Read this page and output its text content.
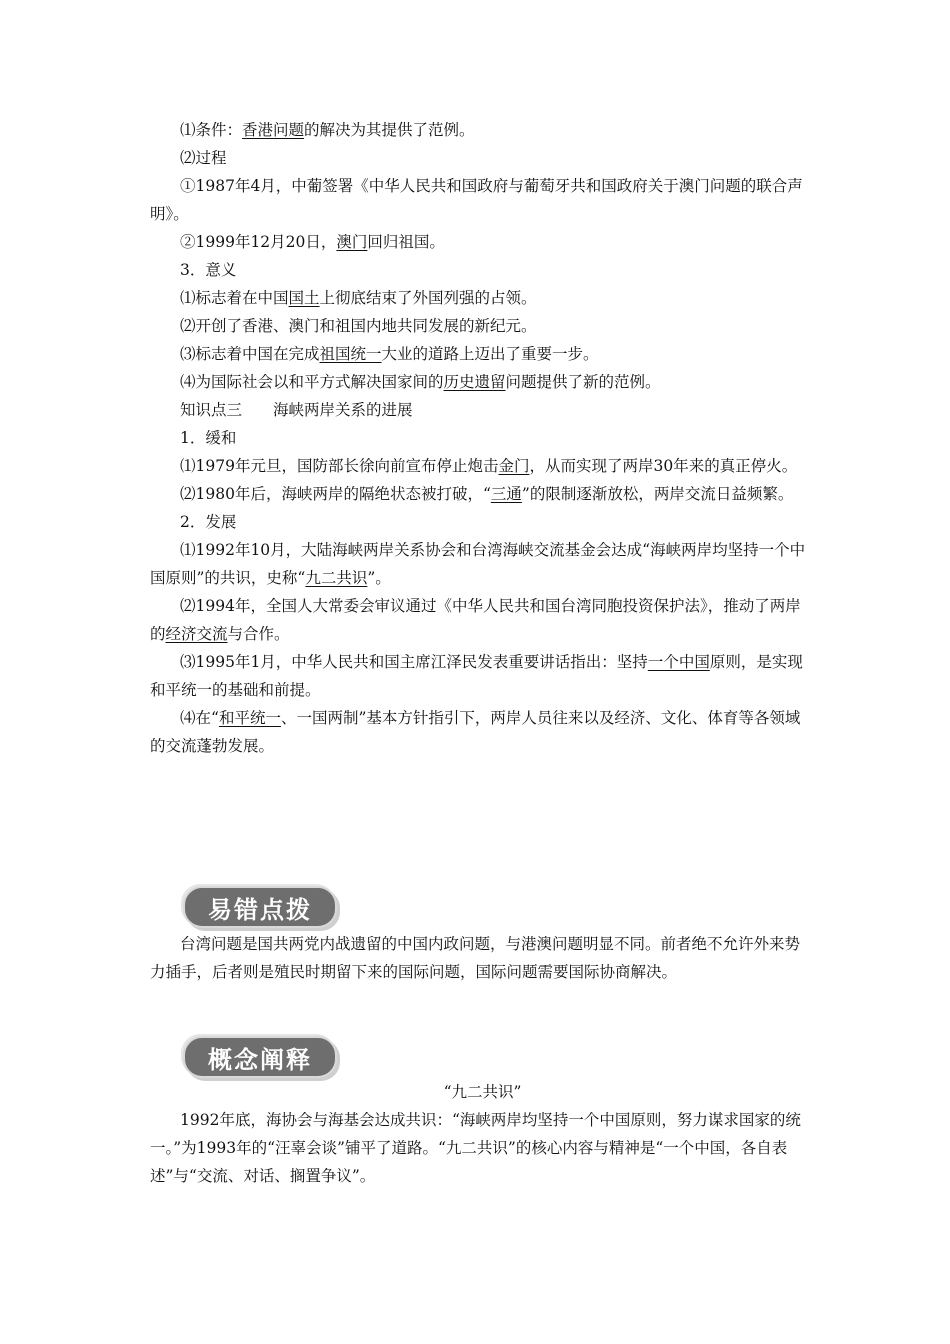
⑴条件：香港问题的解决为其提供了范例。

⑵过程

①1987年4月，中葡签署《中华人民共和国政府与葡萄牙共和国政府关于澳门问题的联合声明》。

②1999年12月20日，澳门回归祖国。

3．意义

⑴标志着在中国国土上彻底结束了外国列强的占领。

⑵开创了香港、澳门和祖国内地共同发展的新纪元。

⑶标志着中国在完成祖国统一大业的道路上迈出了重要一步。

⑷为国际社会以和平方式解决国家间的历史遗留问题提供了新的范例。

知识点三　　海峡两岸关系的进展

1．缓和

⑴1979年元旦，国防部长徐向前宣布停止炮击金门，从而实现了两岸30年来的真正停火。

⑵1980年后，海峡两岸的隔绝状态被打破，“三通”的限制逐渐放松，两岸交流日益频繁。

2．发展

⑴1992年10月，大陆海峡两岸关系协会和台湾海峡交流基金会达成“海峡两岸均坚持一个中国原则”的共识，史称“九二共识”。

⑵1994年，全国人大常委会审议通过《中华人民共和国台湾同胞投资保护法》，推动了两岸的经济交流与合作。

⑶1995年1月，中华人民共和国主席江泽民发表重要讲话指出：坚持一个中国原则，是实现和平统一的基础和前提。

⑷在“和平统一、一国两制”基本方针指引下，两岸人员往来以及经济、文化、体育等各领域的交流蓬勃发展。

易错点拨

台湾问题是国共两党内战遗留的中国内政问题，与港澳问题明显不同。前者绝不允许外来势力插手，后者则是殖民时期留下来的国际问题，国际问题需要国际协商解决。

概念阐释

“九二共识”

1992年底，海协会与海基会达成共识：“海峡两岸均坚持一个中国原则，努力谋求国家的统一。”为1993年的“汪辜会谈”铺平了道路。“九二共识”的核心内容与精神是“一个中国，各自表述”与“交流、对话、搁置争议”。
